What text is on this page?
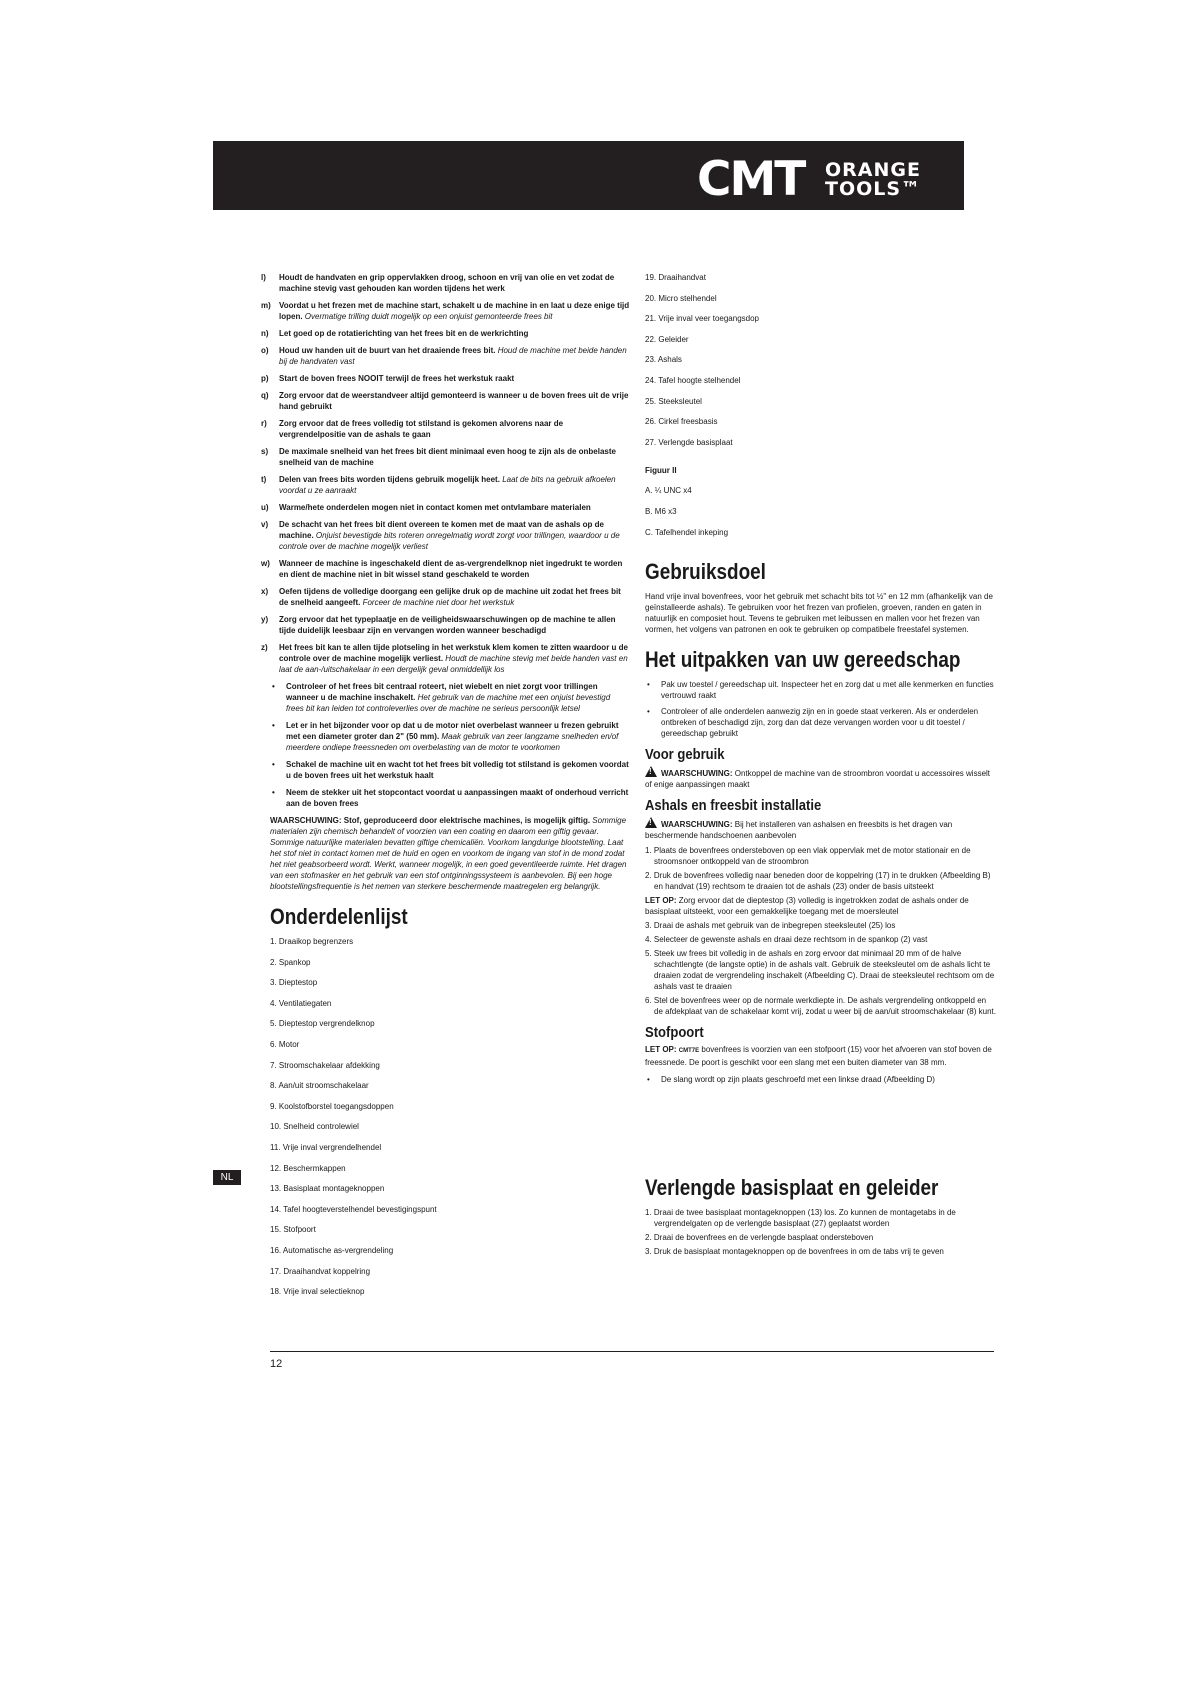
CMT ORANGE
TOOLS™
l) Houdt de handvaten en grip oppervlakken droog, schoon en vrij van olie en vet zodat de machine stevig vast gehouden kan worden tijdens het werk
m) Voordat u het frezen met de machine start, schakelt u de machine in en laat u deze enige tijd lopen. Overmatige trilling duidt mogelijk op een onjuist gemonteerde frees bit
n) Let goed op de rotatierichting van het frees bit en de werkrichting
o) Houd uw handen uit de buurt van het draaiende frees bit. Houd de machine met beide handen bij de handvaten vast
p) Start de boven frees NOOIT terwijl de frees het werkstuk raakt
q) Zorg ervoor dat de weerstandveer altijd gemonteerd is wanneer u de boven frees uit de vrije hand gebruikt
r) Zorg ervoor dat de frees volledig tot stilstand is gekomen alvorens naar de vergrendelpositie van de ashals te gaan
s) De maximale snelheid van het frees bit dient minimaal even hoog te zijn als de onbelaste snelheid van de machine
t) Delen van frees bits worden tijdens gebruik mogelijk heet. Laat de bits na gebruik afkoelen voordat u ze aanraakt
u) Warme/hete onderdelen mogen niet in contact komen met ontvlambare materialen
v) De schacht van het frees bit dient overeen te komen met de maat van de ashals op de machine. Onjuist bevestigde bits roteren onregelmatig wordt zorgt voor trillingen, waardoor u de controle over de machine mogelijk verliest
w) Wanneer de machine is ingeschakeld dient de as-vergrendelknop niet ingedrukt te worden en dient de machine niet in bit wissel stand geschakeld te worden
x) Oefen tijdens de volledige doorgang een gelijke druk op de machine uit zodat het frees bit de snelheid aangeeft. Forceer de machine niet door het werkstuk
y) Zorg ervoor dat het typeplaatje en de veiligheidswaarschuwingen op de machine te allen tijde duidelijk leesbaar zijn en vervangen worden wanneer beschadigd
z) Het frees bit kan te allen tijde plotseling in het werkstuk klem komen te zitten waardoor u de controle over de machine mogelijk verliest. Houdt de machine stevig met beide handen vast en laat de aan-/uitschakelaar in een dergelijk geval onmiddellijk los
• Controleer of het frees bit centraal roteert, niet wiebelt en niet zorgt voor trillingen wanneer u de machine inschakelt. Het gebruik van de machine met een onjuist bevestigd frees bit kan leiden tot controleverlies over de machine ne serieus persoonlijk letsel
• Let er in het bijzonder voor op dat u de motor niet overbelast wanneer u frezen gebruikt met een diameter groter dan 2" (50 mm). Maak gebruik van zeer langzame snelheden en/of meerdere ondiepe freessneden om overbelasting van de motor te voorkomen
• Schakel de machine uit en wacht tot het frees bit volledig tot stilstand is gekomen voordat u de boven frees uit het werkstuk haalt
• Neem de stekker uit het stopcontact voordat u aanpassingen maakt of onderhoud verricht aan de boven frees
WAARSCHUWING: Stof, geproduceerd door elektrische machines, is mogelijk giftig. Sommige materialen zijn chemisch behandelt of voorzien van een coating en daarom een giftig gevaar. Sommige natuurlijke materialen bevatten giftige chemicaliën. Voorkom langdurige blootstelling. Laat het stof niet in contact komen met de huid en ogen en voorkom de ingang van stof in de mond zodat het niet geabsorbeerd wordt. Werkt, wanneer mogelijk, in een goed geventileerde ruimte. Het dragen van een stofmasker en het gebruik van een stof ontginningssysteem is aanbevolen. Bij een hoge blootstellingsfrequentie is het nemen van sterkere beschermende maatregelen erg belangrijk.
Onderdelenlijst
1. Draaikop begrenzers
2. Spankop
3. Dieptestop
4. Ventilatiegaten
5. Dieptestop vergrendelknop
6. Motor
7. Stroomschakelaar afdekking
8. Aan/uit stroomschakelaar
9. Koolstofborstel toegangsdoppen
10. Snelheid controlewiel
11. Vrije inval vergrendelhendel
12. Beschermkappen
13. Basisplaat montageknoppen
14. Tafel hoogteverstelhendel bevestigingspunt
15. Stofpoort
16. Automatische as-vergrendeling
17. Draaihandvat koppelring
18. Vrije inval selectieknop
19. Draaihandvat
20. Micro stelhendel
21. Vrije inval veer toegangsdop
22. Geleider
23. Ashals
24. Tafel hoogte stelhendel
25. Steeksleutel
26. Cirkel freesbasis
27. Verlengde basisplaat
Figuur II
A. ¼ UNC x4
B. M6 x3
C. Tafelhendel inkeping
Gebruiksdoel
Hand vrije inval bovenfrees, voor het gebruik met schacht bits tot ½" en 12 mm (afhankelijk van de geïnstalleerde ashals). Te gebruiken voor het frezen van profielen, groeven, randen en gaten in natuurlijk en composiet hout. Tevens te gebruiken met leibussen en mallen voor het frezen van vormen, het volgens van patronen en ook te gebruiken op compatibele freestafel systemen.
Het uitpakken van uw gereedschap
• Pak uw toestel / gereedschap uit. Inspecteer het en zorg dat u met alle kenmerken en functies vertrouwd raakt
• Controleer of alle onderdelen aanwezig zijn en in goede staat verkeren. Als er onderdelen ontbreken of beschadigd zijn, zorg dan dat deze vervangen worden voor u dit toestel / gereedschap gebruikt
Voor gebruik
!WAARSCHUWING: Ontkoppel de machine van de stroombron voordat u accessoires wisselt of enige aanpassingen maakt
Ashals en freesbit installatie
!WAARSCHUWING: Bij het installeren van ashalsen en freesbits is het dragen van beschermende handschoenen aanbevolen

1. Plaats de bovenfrees ondersteboven op een vlak oppervlak met de motor stationair en de stroomsnoer ontkoppeld van de stroombron

2. Druk de bovenfrees volledig naar beneden door de koppelring (17) in te drukken (Afbeelding B) en handvat (19) rechtsom te draaien tot de ashals (23) onder de basis uitsteekt

LET OP: Zorg ervoor dat de dieptestop (3) volledig is ingetrokken zodat de ashals onder de basisplaat uitsteekt, voor een gemakkelijke toegang met de moersleutel

3. Draai de ashals met gebruik van de inbegrepen steeksleutel (25) los

4. Selecteer de gewenste ashals en draai deze rechtsom in de spankop (2) vast

5. Steek uw frees bit volledig in de ashals en zorg ervoor dat minimaal 20 mm of de halve schachtlengte (de langste optie) in de ashals valt. Gebruik de steeksleutel om de ashals licht te draaien zodat de vergrendeling inschakelt (Afbeelding C). Draai de steeksleutel rechtsom om de ashals vast te draaien

6. Stel de bovenfrees weer op de normale werkdiepte in. De ashals vergrendeling ontkoppeld en de afdekplaat van de schakelaar komt vrij, zodat u weer bij de aan/uit stroomschakelaar (8) kunt.

Stofpoort
LET OP: CMT7E bovenfrees is voorzien van een stofpoort (15) voor het afvoeren van stof boven de freessnede. De poort is geschikt voor een slang met een buiten diameter van 38 mm.
• De slang wordt op zijn plaats geschroefd met een linkse draad (Afbeelding D)
Verlengde basisplaat en geleider

1. Draai de twee basisplaat montageknoppen (13) los. Zo kunnen de montagetabs in de vergrendelgaten op de verlengde basisplaat (27) geplaatst worden

2. Draai de bovenfrees en de verlengde basplaat ondersteboven

3. Druk de basisplaat montageknoppen op de bovenfrees in om de tabs vrij te geven

NL
12
